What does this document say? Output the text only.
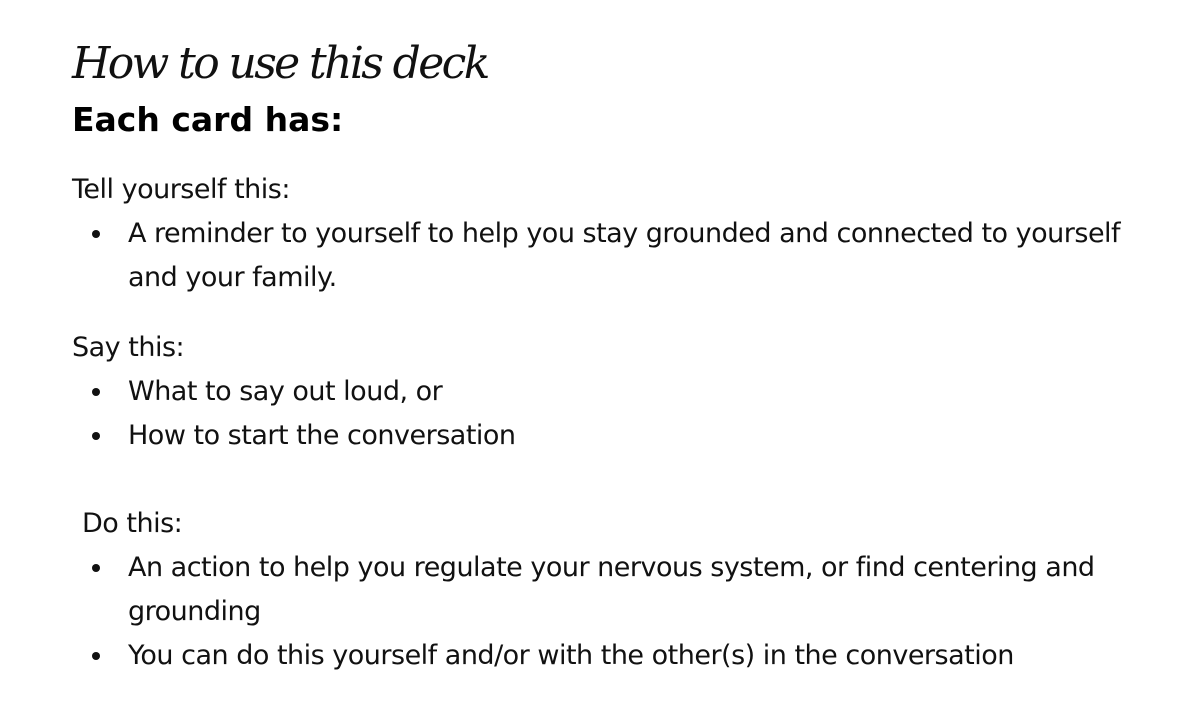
How to use this deck
Each card has:

Tell yourself this:

A reminder to yourself to help you stay grounded and connected to yourself and your family.

Say this:

What to say out loud, or
How to start the conversation

Do this:

An action to help you regulate your nervous system, or find centering and grounding
You can do this yourself and/or with the other(s) in the conversation
